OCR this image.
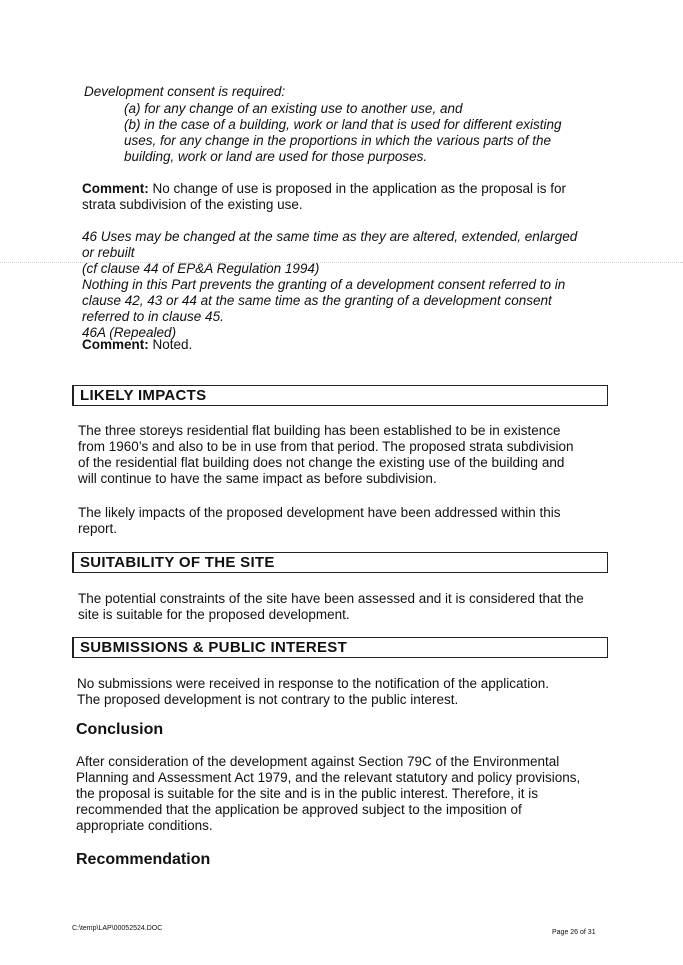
Development consent is required:
(a) for any change of an existing use to another use, and
(b) in the case of a building, work or land that is used for different existing
uses, for any change in the proportions in which the various parts of the
building, work or land are used for those purposes.
Comment: No change of use is proposed in the application as the proposal is for
strata subdivision of the existing use.
46 Uses may be changed at the same time as they are altered, extended, enlarged
or rebuilt
(cf clause 44 of EP&A Regulation 1994)
Nothing in this Part prevents the granting of a development consent referred to in
clause 42, 43 or 44 at the same time as the granting of a development consent
referred to in clause 45.
46A (Repealed)
Comment: Noted.
LIKELY IMPACTS
The three storeys residential flat building has been established to be in existence
from 1960’s and also to be in use from that period. The proposed strata subdivision
of the residential flat building does not change the existing use of the building and
will continue to have the same impact as before subdivision.
The likely impacts of the proposed development have been addressed within this
report.
SUITABILITY OF THE SITE
The potential constraints of the site have been assessed and it is considered that the
site is suitable for the proposed development.
SUBMISSIONS & PUBLIC INTEREST
No submissions were received in response to the notification of the application.
The proposed development is not contrary to the public interest.
Conclusion
After consideration of the development against Section 79C of the Environmental
Planning and Assessment Act 1979, and the relevant statutory and policy provisions,
the proposal is suitable for the site and is in the public interest. Therefore, it is
recommended that the application be approved subject to the imposition of
appropriate conditions.
Recommendation
C:\temp\LAP\00052524.DOC
Page 26 of 31
